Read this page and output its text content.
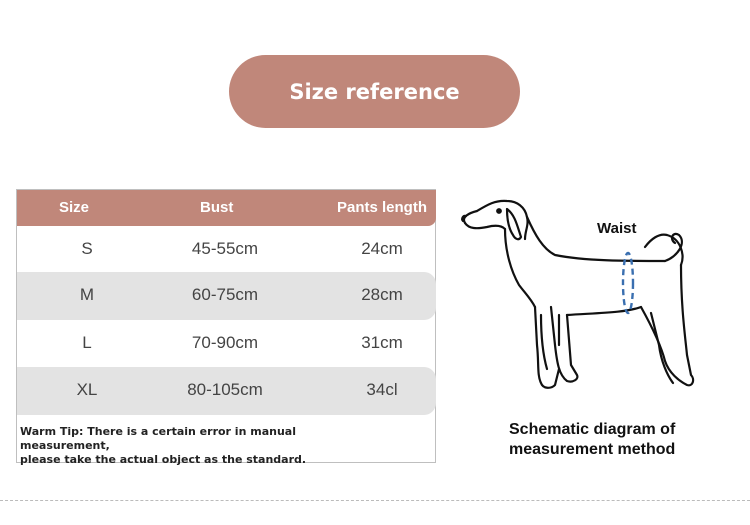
Size reference
Size	Bust	Pants length
S	45-55cm	24cm
M	60-75cm	28cm
L	70-90cm	31cm
XL	80-105cm	34cl
Warm Tip: There is a certain error in manual measurement,
please take the actual object as the standard.
Waist
Schematic diagram of
measurement method
